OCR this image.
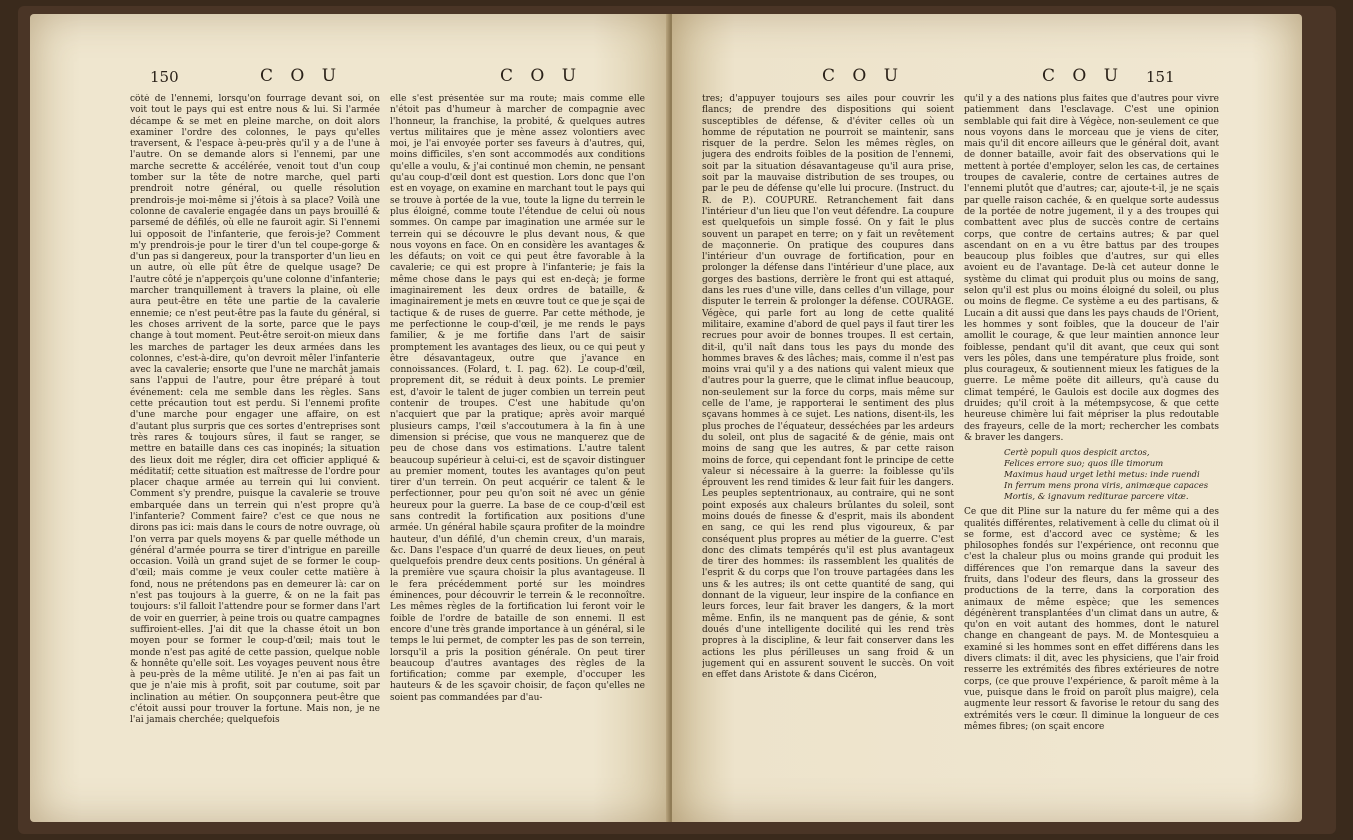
150	C O U	C O U

côté de l'ennemi, lorsqu'on fourrage devant soi, on voit tout le pays qui est entre nous & lui. Si l'armée décampe & se met en pleine marche, on doit alors examiner l'ordre des colonnes, le pays qu'elles traversent, & l'espace à-peu-près qu'il y a de l'une à l'autre. On se demande alors si l'ennemi, par une marche secrette & accélérée, venoit tout d'un coup tomber sur la tête de notre marche, quel parti prendroit notre général, ou quelle résolution prendrois-je moi-même si j'étois à sa place? Voilà une colonne de cavalerie engagée dans un pays brouillé & parsemé de défilés, où elle ne fauroit agir. Si l'ennemi lui opposoit de l'infanterie, que ferois-je? Comment m'y prendrois-je pour le tirer d'un tel coupe-gorge & d'un pas si dangereux, pour la transporter d'un lieu en un autre, où elle pût être de quelque usage? De l'autre côté je n'apperçois qu'une colonne d'infanterie; marcher tranquillement à travers la plaine, où elle aura peut-être en tête une partie de la cavalerie ennemie; ce n'est peut-être pas la faute du général, si les choses arrivent de la sorte, parce que le pays change à tout moment. Peut-être seroit-on mieux dans les marches de partager les deux armées dans les colonnes, c'est-à-dire, qu'on devroit mêler l'infanterie avec la cavalerie; ensorte que l'une ne marchât jamais sans l'appui de l'autre, pour être préparé à tout événement: cela me semble dans les règles. Sans cette précaution tout est perdu. Si l'ennemi profite d'une marche pour engager une affaire, on est d'autant plus surpris que ces sortes d'entreprises sont très rares & toujours sûres, il faut se ranger, se mettre en bataille dans ces cas inopinés; la situation des lieux doit me régler, dira cet officier appliqué & méditatif; cette situation est maîtresse de l'ordre pour placer chaque armée au terrein qui lui convient. Comment s'y prendre, puisque la cavalerie se trouve embarquée dans un terrein qui n'est propre qu'à l'infanterie? Comment faire? c'est ce que nous ne dirons pas ici: mais dans le cours de notre ouvrage, où l'on verra par quels moyens & par quelle méthode un général d'armée pourra se tirer d'intrigue en pareille occasion. Voilà un grand sujet de se former le coup-d'œil; mais comme je veux couler cette matière à fond, nous ne prétendons pas en demeurer là: car on n'est pas toujours à la guerre, & on ne la fait pas toujours: s'il falloit l'attendre pour se former dans l'art de voir en guerrier, à peine trois ou quatre campagnes suffiroient-elles. J'ai dit que la chasse étoit un bon moyen pour se former le coup-d'œil; mais tout le monde n'est pas agité de cette passion, quelque noble & honnête qu'elle soit. Les voyages peuvent nous être à peu-près de la même utilité. Je n'en ai pas fait un que je n'aie mis à profit, soit par coutume, soit par inclination au métier. On soupçonnera peut-être que c'étoit aussi pour trouver la fortune. Mais non, je ne l'ai jamais cherchée; quelquefois

elle s'est présentée sur ma route; mais comme elle n'étoit pas d'humeur à marcher de compagnie avec l'honneur, la franchise, la probité, & quelques autres vertus militaires que je mène assez volontiers avec moi, je l'ai envoyée porter ses faveurs à d'autres, qui, moins difficiles, s'en sont accommodés aux conditions qu'elle a voulu, & j'ai continué mon chemin, ne pensant qu'au coup-d'œil dont est question. Lors donc que l'on est en voyage, on examine en marchant tout le pays qui se trouve à portée de la vue, toute la ligne du terrein le plus éloigné, comme toute l'étendue de celui où nous sommes. On campe par imagination une armée sur le terrein qui se découvre le plus devant nous, & que nous voyons en face. On en considère les avantages & les défauts; on voit ce qui peut être favorable à la cavalerie; ce qui est propre à l'infanterie; je fais la même chose dans le pays qui est en-deçà; je forme imaginairement les deux ordres de bataille, & imaginairement je mets en œuvre tout ce que je sçai de tactique & de ruses de guerre. Par cette méthode, je me perfectionne le coup-d'œil, je me rends le pays familier, & je me fortifie dans l'art de saisir promptement les avantages des lieux, ou ce qui peut y être désavantageux, outre que j'avance en connoissances. (Folard, t. I. pag. 62). Le coup-d'œil, proprement dit, se réduit à deux points. Le premier est, d'avoir le talent de juger combien un terrein peut contenir de troupes. C'est une habitude qu'on n'acquiert que par la pratique; après avoir marqué plusieurs camps, l'œil s'accoutumera à la fin à une dimension si précise, que vous ne manquerez que de peu de chose dans vos estimations. L'autre talent beaucoup supérieur à celui-ci, est de sçavoir distinguer au premier moment, toutes les avantages qu'on peut tirer d'un terrein. On peut acquérir ce talent & le perfectionner, pour peu qu'on soit né avec un génie heureux pour la guerre. La base de ce coup-d'œil est sans contredit la fortification aux positions d'une armée. Un général habile sçaura profiter de la moindre hauteur, d'un défilé, d'un chemin creux, d'un marais, &c. Dans l'espace d'un quarré de deux lieues, on peut quelquefois prendre deux cents positions. Un général à la première vue sçaura choisir la plus avantageuse. Il le fera précédemment porté sur les moindres éminences, pour découvrir le terrein & le reconnoître. Les mêmes règles de la fortification lui feront voir le foible de l'ordre de bataille de son ennemi. Il est encore d'une très grande importance à un général, si le temps le lui permet, de compter les pas de son terrein, lorsqu'il a pris la position générale. On peut tirer beaucoup d'autres avantages des règles de la fortification; comme par exemple, d'occuper les hauteurs & de les sçavoir choisir, de façon qu'elles ne soient pas commandées par d'au-

C O U	C O U 151

tres; d'appuyer toujours ses ailes pour couvrir les flancs; de prendre des dispositions qui soient susceptibles de défense, & d'éviter celles où un homme de réputation ne pourroit se maintenir, sans risquer de la perdre. Selon les mêmes règles, on jugera des endroits foibles de la position de l'ennemi, soit par la situation désavantageuse qu'il aura prise, soit par la mauvaise distribution de ses troupes, ou par le peu de défense qu'elle lui procure. (Instruct. du R. de P.). COUPURE. Retranchement fait dans l'intérieur d'un lieu que l'on veut défendre. La coupure est quelquefois un simple fossé. On y fait le plus souvent un parapet en terre; on y fait un revêtement de maçonnerie. On pratique des coupures dans l'intérieur d'un ouvrage de fortification, pour en prolonger la défense dans l'intérieur d'une place, aux gorges des bastions, derrière le front qui est attaqué, dans les rues d'une ville, dans celles d'un village, pour disputer le terrein & prolonger la défense. COURAGE. Végèce, qui parle fort au long de cette qualité militaire, examine d'abord de quel pays il faut tirer les recrues pour avoir de bonnes troupes. Il est certain, dit-il, qu'il naît dans tous les pays du monde des hommes braves & des lâches; mais, comme il n'est pas moins vrai qu'il y a des nations qui valent mieux que d'autres pour la guerre, que le climat influe beaucoup, non-seulement sur la force du corps, mais même sur celle de l'ame, je rapporterai le sentiment des plus sçavans hommes à ce sujet. Les nations, disent-ils, les plus proches de l'équateur, desséchées par les ardeurs du soleil, ont plus de sagacité & de génie, mais ont moins de sang que les autres, & par cette raison moins de force, qui cependant font le principe de cette valeur si nécessaire à la guerre: la foiblesse qu'ils éprouvent les rend timides & leur fait fuir les dangers. Les peuples septentrionaux, au contraire, qui ne sont point exposés aux chaleurs brûlantes du soleil, sont moins doués de finesse & d'esprit, mais ils abondent en sang, ce qui les rend plus vigoureux, & par conséquent plus propres au métier de la guerre. C'est donc des climats tempérés qu'il est plus avantageux de tirer des hommes: ils rassemblent les qualités de l'esprit & du corps que l'on trouve partagées dans les uns & les autres; ils ont cette quantité de sang, qui donnant de la vigueur, leur inspire de la confiance en leurs forces, leur fait braver les dangers, & la mort même. Enfin, ils ne manquent pas de génie, & sont doués d'une intelligente docilité qui les rend très propres à la discipline, & leur fait conserver dans les actions les plus périlleuses un sang froid & un jugement qui en assurent souvent le succès. On voit en effet dans Aristote & dans Cicéron,

qu'il y a des nations plus faites que d'autres pour vivre patiemment dans l'esclavage. C'est une opinion semblable qui fait dire à Végèce, non-seulement ce que nous voyons dans le morceau que je viens de citer, mais qu'il dit encore ailleurs que le général doit, avant de donner bataille, avoir fait des observations qui le mettent à portée d'employer, selon les cas, de certaines troupes de cavalerie, contre de certaines autres de l'ennemi plutôt que d'autres; car, ajoute-t-il, je ne sçais par quelle raison cachée, & en quelque sorte audessus de la portée de notre jugement, il y a des troupes qui combattent avec plus de succès contre de certains corps, que contre de certains autres; & par quel ascendant on en a vu être battus par des troupes beaucoup plus foibles que d'autres, sur qui elles avoient eu de l'avantage. De-là cet auteur donne le système du climat qui produit plus ou moins de sang, selon qu'il est plus ou moins éloigné du soleil, ou plus ou moins de flegme. Ce système a eu des partisans, & Lucain a dit aussi que dans les pays chauds de l'Orient, les hommes y sont foibles, que la douceur de l'air amollit le courage, & que leur maintien annonce leur foiblesse, pendant qu'il dit avant, que ceux qui sont vers les pôles, dans une température plus froide, sont plus courageux, & soutiennent mieux les fatigues de la guerre. Le même poëte dit ailleurs, qu'à cause du climat tempéré, le Gaulois est docile aux dogmes des druides; qu'il croit à la métempsycose, & que cette heureuse chimère lui fait mépriser la plus redoutable des frayeurs, celle de la mort; rechercher les combats & braver les dangers.

Certè populi quos despicit arctos,
Felices errore suo; quos ille timorum
Maximus haud urget lethi metus: inde ruendi
In ferrum mens prona viris, animæque capaces
Mortis, & ignavum rediturae parcere vitæ.

Ce que dit Pline sur la nature du fer même qui a des qualités différentes, relativement à celle du climat où il se forme, est d'accord avec ce système; & les philosophes fondés sur l'expérience, ont reconnu que c'est la chaleur plus ou moins grande qui produit les différences que l'on remarque dans la saveur des fruits, dans l'odeur des fleurs, dans la grosseur des productions de la terre, dans la corporation des animaux de même espèce; que les semences dégénèrent transplantées d'un climat dans un autre, & qu'on en voit autant des hommes, dont le naturel change en changeant de pays. M. de Montesquieu a examiné si les hommes sont en effet différens dans les divers climats: il dit, avec les physiciens, que l'air froid resserre les extrémités des fibres extérieures de notre corps, (ce que prouve l'expérience, & paroît même à la vue, puisque dans le froid on paroît plus maigre), cela augmente leur ressort & favorise le retour du sang des extrémités vers le cœur. Il diminue la longueur de ces mêmes fibres; (on sçait encore
